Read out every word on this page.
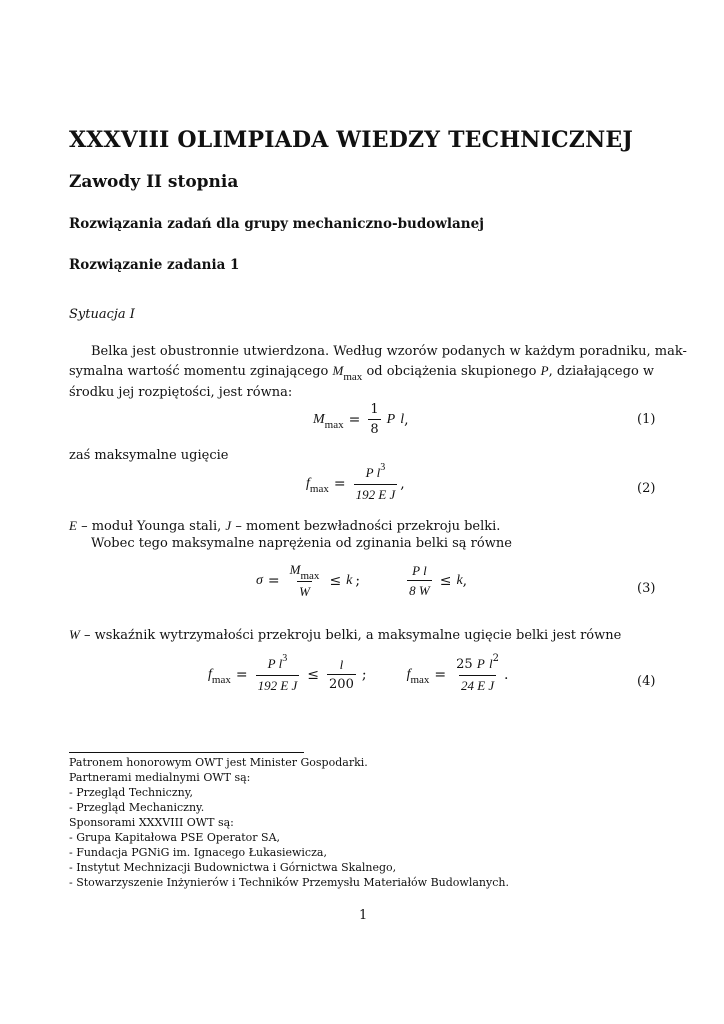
XXXVIII OLIMPIADA WIEDZY TECHNICZNEJ
Zawody II stopnia
Rozwiązania zadań dla grupy mechaniczno-budowlanej
Rozwiązanie zadania 1
Sytuacja I
Belka jest obustronnie utwierdzona. Według wzorów podanych w każdym poradniku, mak-
symalna wartość momentu zginającego $M_{max}$ od obciążenia skupionego P, działającego w
środku jej rozpiętości, jest równa:
$M_{max} = \frac{1}{8}$ P l ,	(1)
zaś maksymalne ugięcie
$f_{max} = \frac{P l^3}{\text{192 E J}}$ ,	(2)
E – moduł Younga stali, J – moment bezwładności przekroju belki.
Wobec tego maksymalne naprężenia od zginania belki są równe
$\sigma = \frac{M_{max}}{W} \le k$ ;	$\frac{\text{P l}}{8 W} \le k$ ,	(3)
W – wskaźnik wytrzymałości przekroju belki, a maksymalne ugięcie belki jest równe
$f_{max} = \frac{P l^3}{\text{192 E J}} \le \frac{l}{200}$ ;	$f_{max} = \frac{25 P l^2}{\text{24 E J}}$ .	(4)
Patronem honorowym OWT jest Minister Gospodarki.
Partnerami medialnymi OWT są:
- Przegląd Techniczny,
- Przegląd Mechaniczny.
Sponsorami XXXVIII OWT są:
- Grupa Kapitałowa PSE Operator SA,
- Fundacja PGNiG im. Ignacego Łukasiewicza,
- Instytut Mechnizacji Budownictwa i Górnictwa Skalnego,
- Stowarzyszenie Inżynierów i Techników Przemysłu Materiałów Budowlanych.
1
